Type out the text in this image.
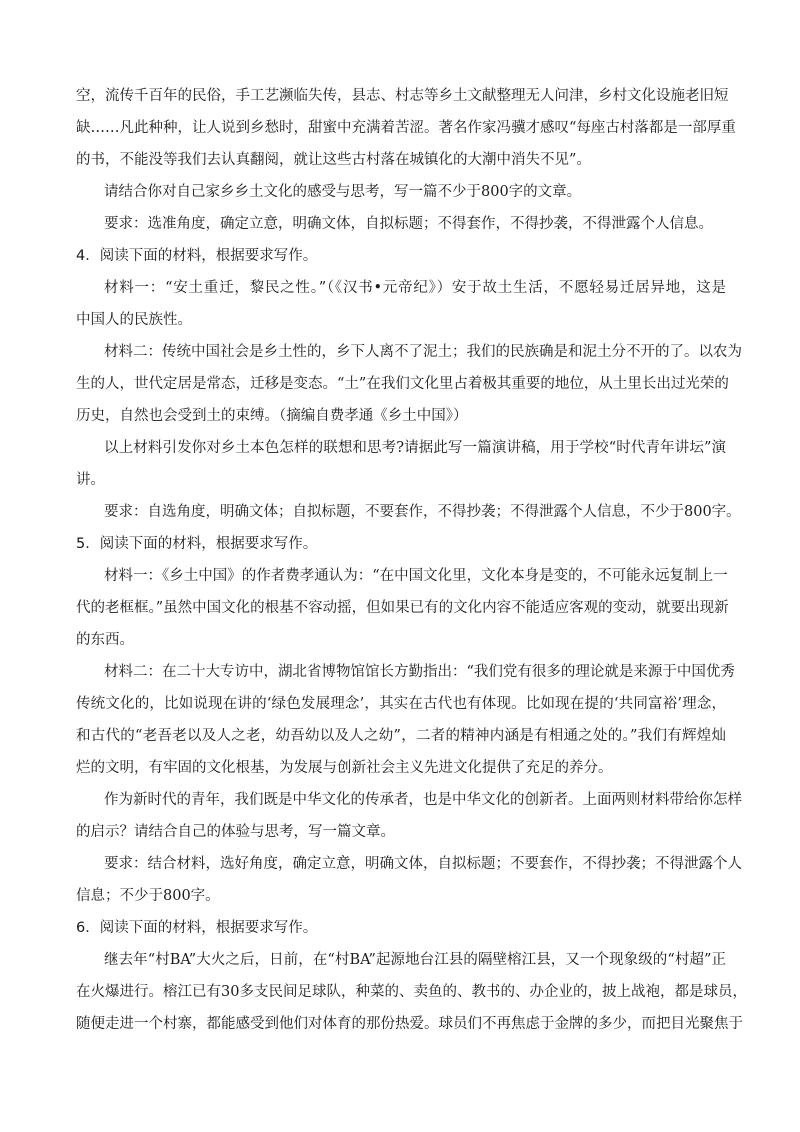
空，流传千百年的民俗，手工艺濒临失传，县志、村志等乡土文献整理无人问津，乡村文化设施老旧短
缺……凡此种种，让人说到乡愁时，甜蜜中充满着苦涩。著名作家冯骥才感叹“每座古村落都是一部厚重
的书，不能没等我们去认真翻阅，就让这些古村落在城镇化的大潮中消失不见”。
请结合你对自己家乡乡土文化的感受与思考，写一篇不少于800字的文章。
要求：选准角度，确定立意，明确文体，自拟标题；不得套作，不得抄袭，不得泄露个人信息。
4．阅读下面的材料，根据要求写作。
材料一：“安土重迁，黎民之性。”（《汉书•元帝纪》）安于故土生活，不愿轻易迁居异地，这是
中国人的民族性。
材料二：传统中国社会是乡土性的，乡下人离不了泥土；我们的民族确是和泥土分不开的了。以农为
生的人，世代定居是常态，迁移是变态。“土”在我们文化里占着极其重要的地位，从土里长出过光荣的
历史，自然也会受到土的束缚。（摘编自费孝通《乡土中国》）
以上材料引发你对乡土本色怎样的联想和思考?请据此写一篇演讲稿，用于学校“时代青年讲坛”演
讲。
要求：自选角度，明确文体；自拟标题，不要套作，不得抄袭；不得泄露个人信息，不少于800字。
5．阅读下面的材料，根据要求写作。
材料一：《乡土中国》的作者费孝通认为：“在中国文化里，文化本身是变的，不可能永远复制上一
代的老框框。”虽然中国文化的根基不容动摇，但如果已有的文化内容不能适应客观的变动，就要出现新
的东西。
材料二：在二十大专访中，湖北省博物馆馆长方勤指出：“我们党有很多的理论就是来源于中国优秀
传统文化的，比如说现在讲的‘绿色发展理念’，其实在古代也有体现。比如现在提的‘共同富裕’理念，
和古代的“老吾老以及人之老，幼吾幼以及人之幼”，二者的精神内涵是有相通之处的。”我们有辉煌灿
烂的文明，有牢固的文化根基，为发展与创新社会主义先进文化提供了充足的养分。
作为新时代的青年，我们既是中华文化的传承者，也是中华文化的创新者。上面两则材料带给你怎样
的启示？请结合自己的体验与思考，写一篇文章。
要求：结合材料，选好角度，确定立意，明确文体，自拟标题；不要套作，不得抄袭；不得泄露个人
信息；不少于800字。
6．阅读下面的材料，根据要求写作。
继去年“村BA”大火之后，日前，在“村BA”起源地台江县的隔壁榕江县，又一个现象级的“村超”正
在火爆进行。榕江已有30多支民间足球队，种菜的、卖鱼的、教书的、办企业的，披上战袍，都是球员，
随便走进一个村寨，都能感受到他们对体育的那份热爱。球员们不再焦虑于金牌的多少，而把目光聚焦于
